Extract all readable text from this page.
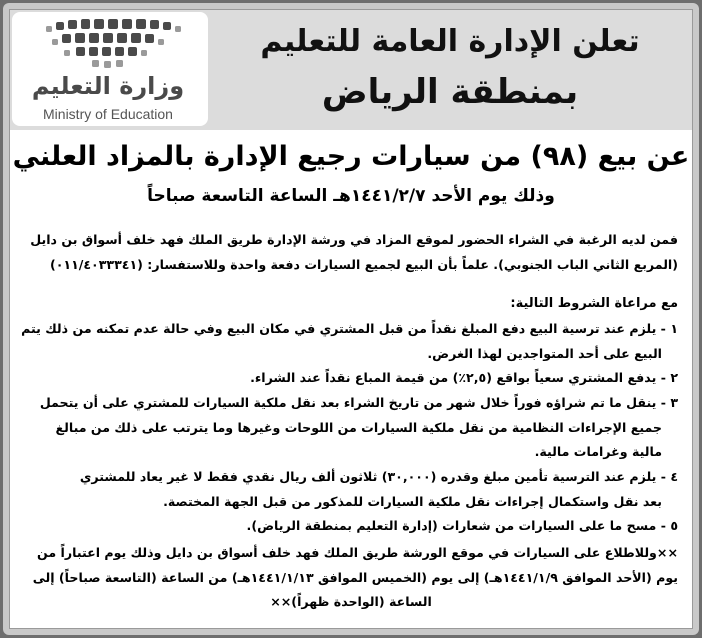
وزارة التعليم
Ministry of Education
تعلن الإدارة العامة للتعليم
بمنطقة الرياض
عن بيع (٩٨) من سيارات رجيع الإدارة بالمزاد العلني
وذلك يوم الأحد ١٤٤١/٢/٧هـ الساعة التاسعة صباحاً
فمن لديه الرغبة في الشراء الحضور لموقع المزاد في ورشة الإدارة طريق الملك فهد خلف أسواق بن دايل
(المربع الثاني الباب الجنوبي). علماً بأن البيع لجميع السيارات دفعة واحدة وللاستفسار: (٠١١/٤٠٣٣٣٤١)
مع مراعاة الشروط التالية:
١ - يلزم عند ترسية البيع دفع المبلغ نقداً من قبل المشتري في مكان البيع وفي حالة عدم تمكنه من ذلك يتم
البيع على أحد المتواجدين لهذا الغرض.
٢ - يدفع المشتري سعياً بواقع (٢,٥٪) من قيمة المباع نقداً عند الشراء.
٣ - ينقل ما تم شراؤه فوراً خلال شهر من تاريخ الشراء بعد نقل ملكية السيارات للمشتري على أن يتحمل
جميع الإجراءات النظامية من نقل ملكية السيارات من اللوحات وغيرها وما يترتب على ذلك من مبالغ
مالية وغرامات مالية.
٤ - يلزم عند الترسية تأمين مبلغ وقدره (٣٠,٠٠٠) ثلاثون ألف ريال نقدي فقط لا غير يعاد للمشتري
بعد نقل واستكمال إجراءات نقل ملكية السيارات للمذكور من قبل الجهة المختصة.
٥ - مسح ما على السيارات من شعارات (إدارة التعليم بمنطقة الرياض).
××وللاطلاع على السيارات في موقع الورشة طريق الملك فهد خلف أسواق بن دايل وذلك يوم اعتباراً من
يوم (الأحد الموافق ١٤٤١/١/٩هـ) إلى يوم (الخميس الموافق ١٤٤١/١/١٣هـ) من الساعة (التاسعة صباحاً) إلى
الساعة (الواحدة ظهراً)××
